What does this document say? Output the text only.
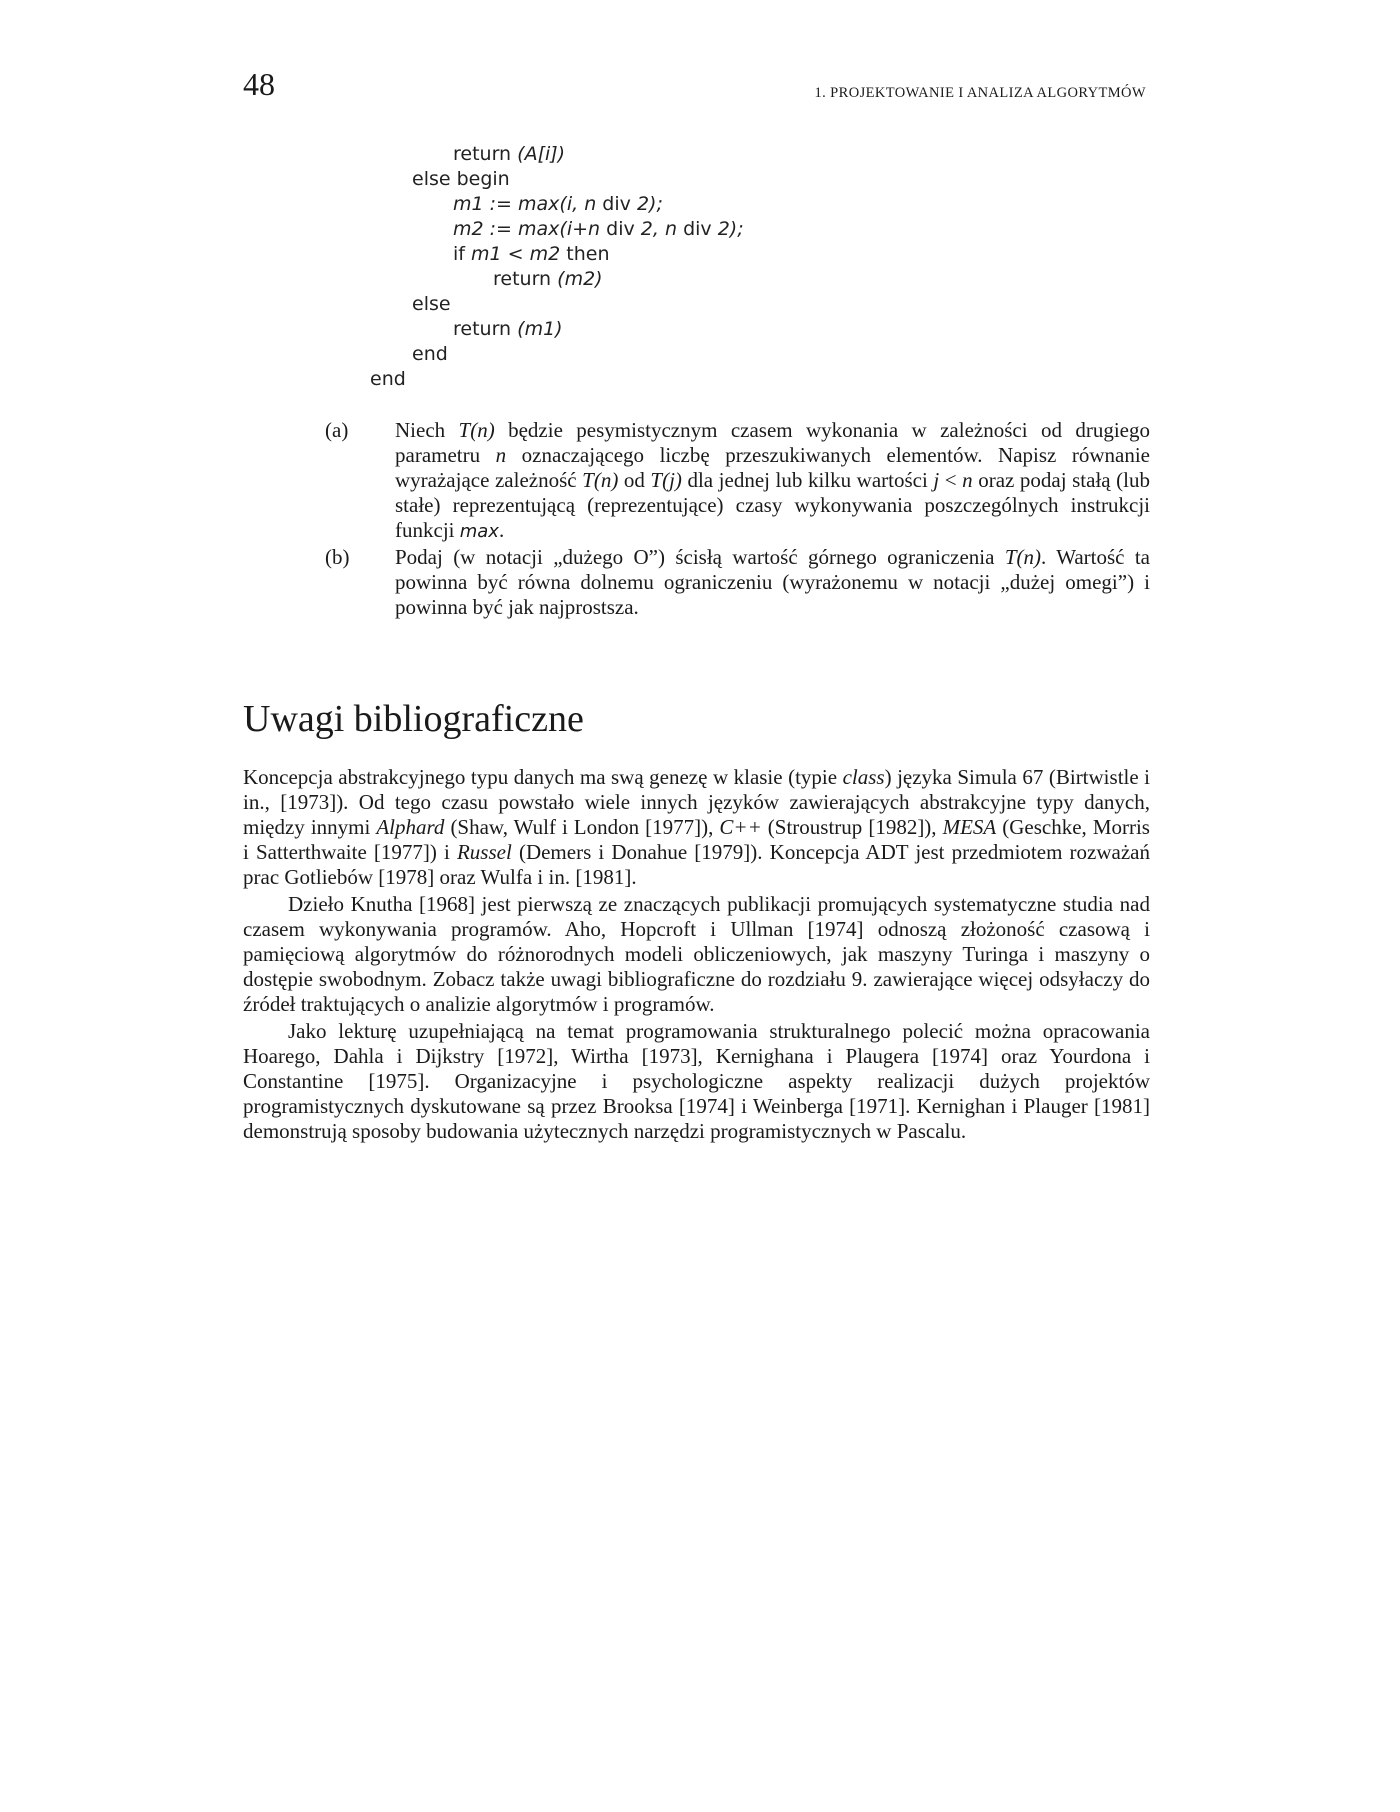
48	1. PROJEKTOWANIE I ANALIZA ALGORYTMÓW
return (A[i])
else begin
m1 := max(i, n div 2);
m2 := max(i+n div 2, n div 2);
if m1 < m2 then
return (m2)
else
return (m1)
end
end
(a)	Niech T(n) będzie pesymistycznym czasem wykonania w zależności od drugiego parametru n oznaczającego liczbę przeszukiwanych elementów. Napisz równanie wyrażające zależność T(n) od T(j) dla jednej lub kilku wartości j < n oraz podaj stałą (lub stałe) reprezentującą (reprezentujące) czasy wykonywania poszczególnych instrukcji funkcji max.
(b)	Podaj (w notacji „dużego O”) ścisłą wartość górnego ograniczenia T(n). Wartość ta powinna być równa dolnemu ograniczeniu (wyrażonemu w notacji „dużej omegi”) i powinna być jak najprostsza.
Uwagi bibliograficzne

Koncepcja abstrakcyjnego typu danych ma swą genezę w klasie (typie class) języka Simula 67 (Birtwistle i in., [1973]). Od tego czasu powstało wiele innych języków zawierających abstrakcyjne typy danych, między innymi Alphard (Shaw, Wulf i London [1977]), C++ (Stroustrup [1982]), MESA (Geschke, Morris i Satterthwaite [1977]) i Russel (Demers i Donahue [1979]). Koncepcja ADT jest przedmiotem rozważań prac Gotliebów [1978] oraz Wulfa i in. [1981].

Dzieło Knutha [1968] jest pierwszą ze znaczących publikacji promujących systematyczne studia nad czasem wykonywania programów. Aho, Hopcroft i Ullman [1974] odnoszą złożoność czasową i pamięciową algorytmów do różnorodnych modeli obliczeniowych, jak maszyny Turinga i maszyny o dostępie swobodnym. Zobacz także uwagi bibliograficzne do rozdziału 9. zawierające więcej odsyłaczy do źródeł traktujących o analizie algorytmów i programów.

Jako lekturę uzupełniającą na temat programowania strukturalnego polecić można opracowania Hoarego, Dahla i Dijkstry [1972], Wirtha [1973], Kernighana i Plaugera [1974] oraz Yourdona i Constantine [1975]. Organizacyjne i psychologiczne aspekty realizacji dużych projektów programistycznych dyskutowane są przez Brooksa [1974] i Weinberga [1971]. Kernighan i Plauger [1981] demonstrują sposoby budowania użytecznych narzędzi programistycznych w Pascalu.
